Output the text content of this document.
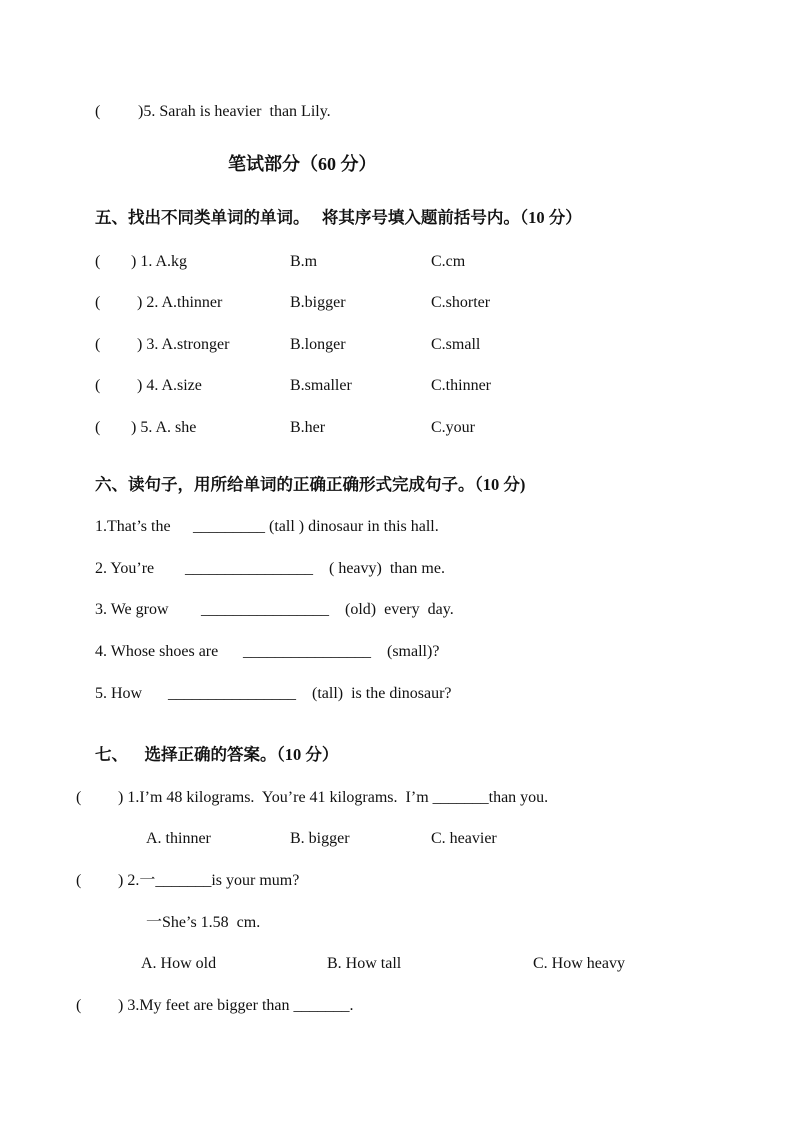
( )5. Sarah is heavier  than Lily.
笔试部分（60 分）
五、找出不同类单词的单词。   将其序号填入题前括号内。（10 分）
( ) 1. A.kg	B.m	C.cm
( ) 2. A.thinner	B.bigger	C.shorter
( ) 3. A.stronger	B.longer	C.small
( ) 4. A.size	B.smaller	C.thinner
( ) 5. A. she	B.her	C.your
六、读句子，用所给单词的正确正确形式完成句子。（10 分)
1.That’s the _________ (tall ) dinosaur in this hall.
2. You’re ________________ ( heavy)  than me.
3. We grow ________________ (old)  every  day.
4. Whose shoes are ________________ (small)?
5. How ________________ (tall)  is the dinosaur?
七、    选择正确的答案。（10 分）
( ) 1.I’m 48 kilograms.  You’re 41 kilograms.  I’m _______than you.
A. thinner	B. bigger	C. heavier
( ) 2.一_______is your mum?
一She’s 1.58  cm.
A. How old	B. How tall	C. How heavy
( ) 3.My feet are bigger than _______.
